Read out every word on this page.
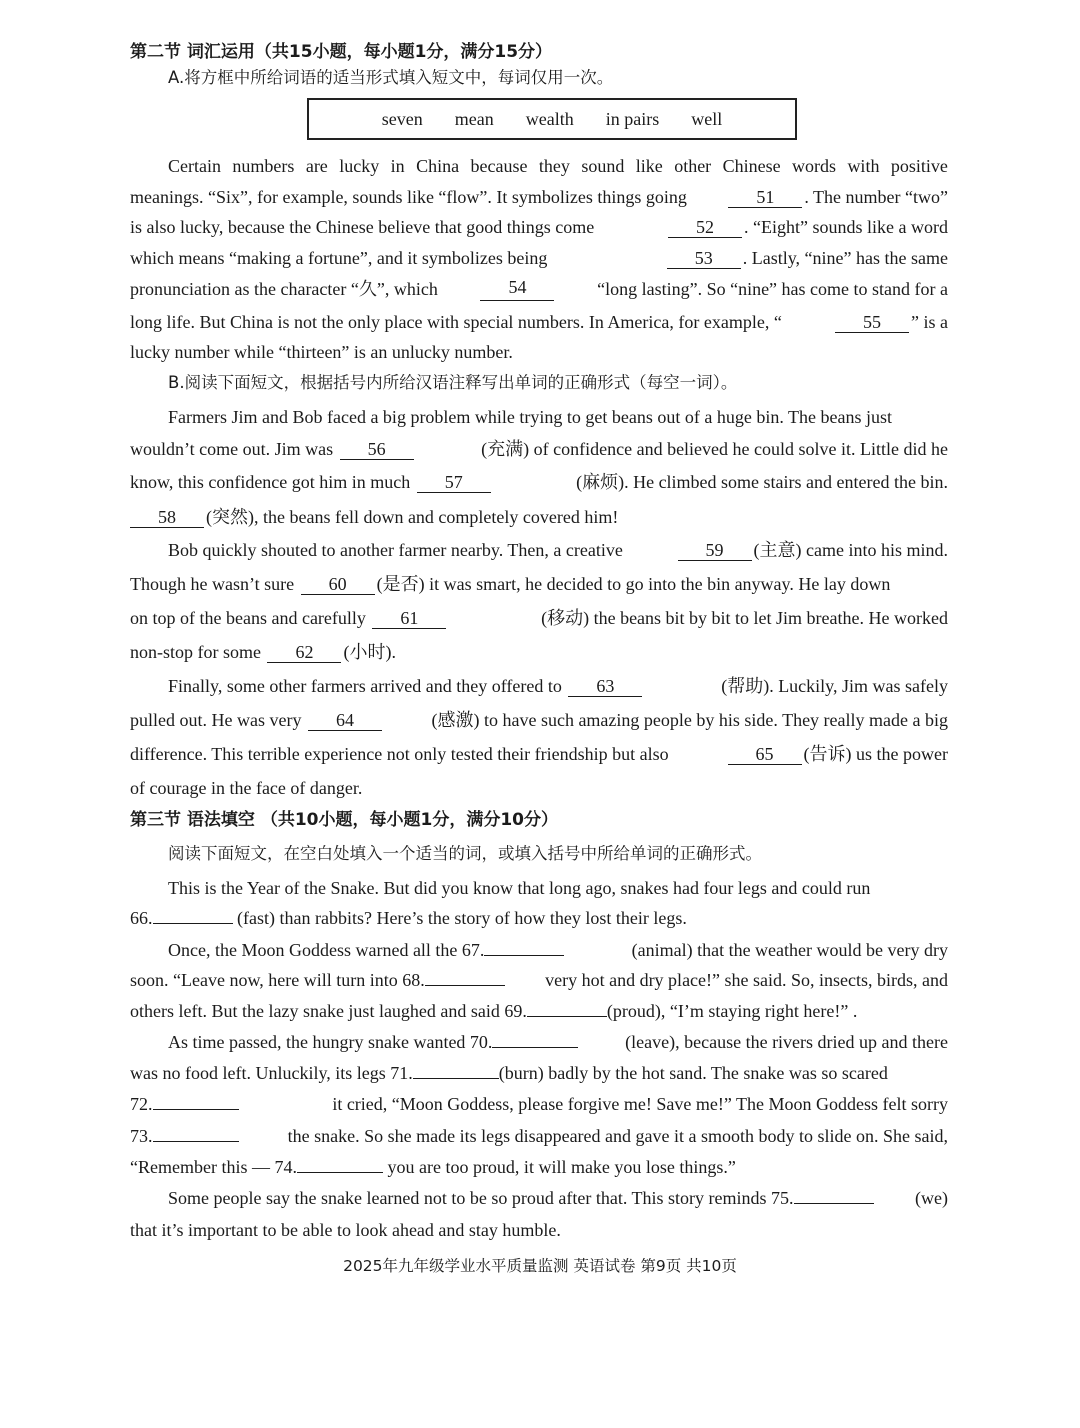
第二节 词汇运用（共15小题，每小题1分，满分15分）
A.将方框中所给词语的适当形式填入短文中，每词仅用一次。
seven mean wealth in pairs well
Certain numbers are lucky in China because they sound like other Chinese words with positive
meanings. “Six”, for example, sounds like “flow”. It symbolizes things going	51 . The number “two”
is also lucky, because the Chinese believe that good things come	52 . “Eight” sounds like a word
which means “making a fortune”, and it symbolizes being	53 . Lastly, “nine” has the same
pronunciation as the character “久”, which	54	“long lasting”. So “nine” has come to stand for a
long life. But China is not the only place with special numbers. In America, for example, “	55 ” is a
lucky number while “thirteen” is an unlucky number.
B.阅读下面短文，根据括号内所给汉语注释写出单词的正确形式（每空一词）。
Farmers Jim and Bob faced a big problem while trying to get beans out of a huge bin. The beans just
wouldn’t come out. Jim was 56	(充满) of confidence and believed he could solve it. Little did he
know, this confidence got him in much 57	(麻烦). He climbed some stairs and entered the bin.
58 (突然), the beans fell down and completely covered him!
Bob quickly shouted to another farmer nearby. Then, a creative	59 (主意) came into his mind.
Though he wasn’t sure 60 (是否) it was smart, he decided to go into the bin anyway. He lay down
on top of the beans and carefully 61	(移动) the beans bit by bit to let Jim breathe. He worked
non-stop for some 62 (小时).
Finally, some other farmers arrived and they offered to 63	(帮助). Luckily, Jim was safely
pulled out. He was very 64	(感激) to have such amazing people by his side. They really made a big
difference. This terrible experience not only tested their friendship but also	65 (告诉) us the power
of courage in the face of danger.
第三节 语法填空 （共10小题，每小题1分，满分10分）
阅读下面短文，在空白处填入一个适当的词，或填入括号中所给单词的正确形式。
This is the Year of the Snake. But did you know that long ago, snakes had four legs and could run
66.	(fast) than rabbits? Here’s the story of how they lost their legs.
Once, the Moon Goddess warned all the 67.	(animal) that the weather would be very dry
soon. “Leave now, here will turn into 68.	very hot and dry place!” she said. So, insects, birds, and
others left. But the lazy snake just laughed and said 69.	(proud), “I’m staying right here!” .
As time passed, the hungry snake wanted 70.	(leave), because the rivers dried up and there
was no food left. Unluckily, its legs 71.	(burn) badly by the hot sand. The snake was so scared
72.	it cried, “Moon Goddess, please forgive me! Save me!” The Moon Goddess felt sorry
73.	the snake. So she made its legs disappeared and gave it a smooth body to slide on. She said,
“Remember this — 74.	you are too proud, it will make you lose things.”
Some people say the snake learned not to be so proud after that. This story reminds 75.	(we)
that it’s important to be able to look ahead and stay humble.
2025年九年级学业水平质量监测 英语试卷 第9页 共10页
